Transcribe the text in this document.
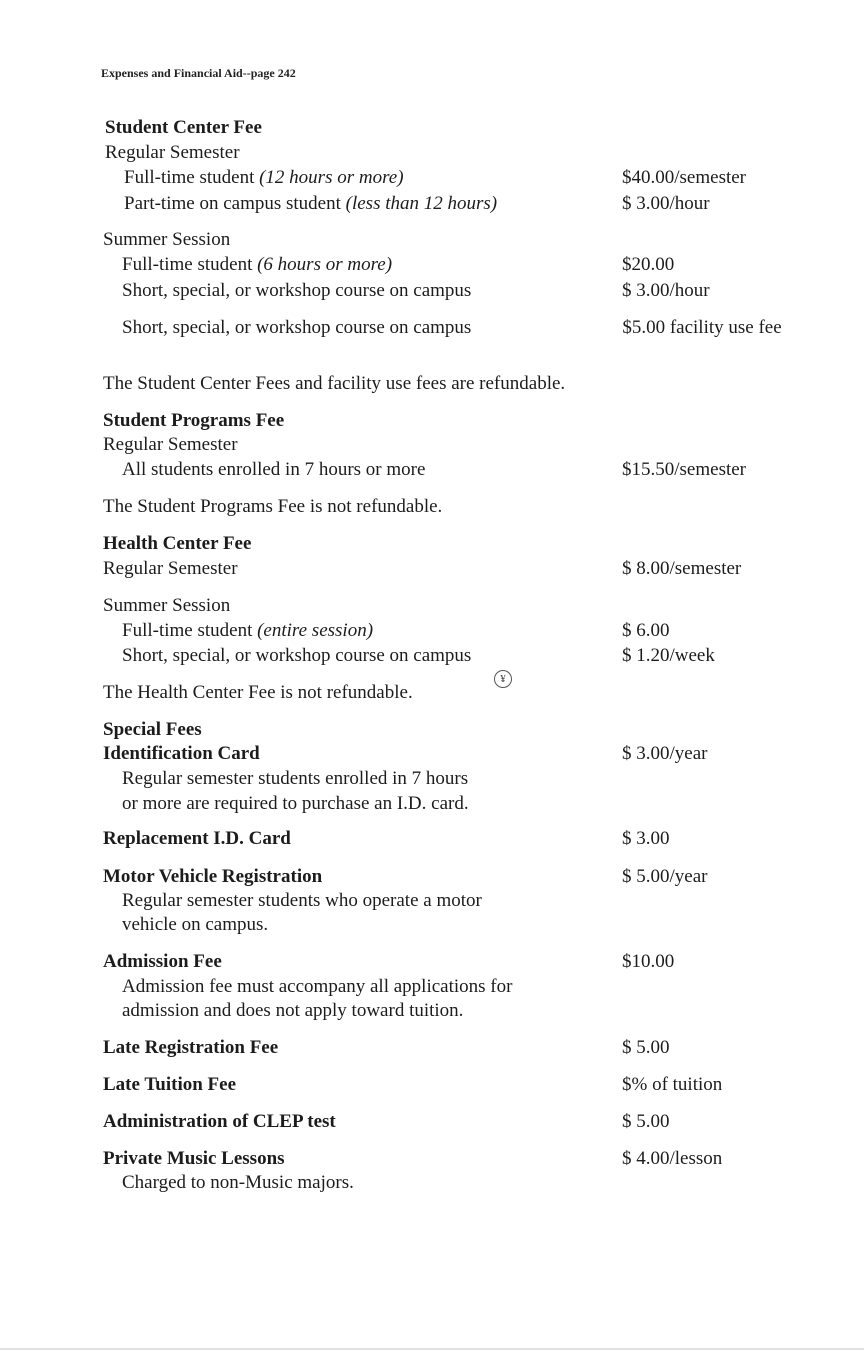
Expenses and Financial Aid--page 242
Student Center Fee
Regular Semester
Full-time student (12 hours or more)	$40.00/semester
Part-time on campus student (less than 12 hours)	$ 3.00/hour
Summer Session
Full-time student (6 hours or more)	$20.00
Short, special, or workshop course on campus	$ 3.00/hour
Short, special, or workshop course on campus	$5.00 facility use fee
The Student Center Fees and facility use fees are refundable.
Student Programs Fee
Regular Semester
All students enrolled in 7 hours or more	$15.50/semester
The Student Programs Fee is not refundable.
Health Center Fee
Regular Semester	$ 8.00/semester
Summer Session
Full-time student (entire session)	$ 6.00
Short, special, or workshop course on campus	$ 1.20/week
¥
The Health Center Fee is not refundable.
Special Fees
Identification Card	$ 3.00/year
Regular semester students enrolled in 7 hours
or more are required to purchase an I.D. card.
Replacement I.D. Card	$ 3.00
Motor Vehicle Registration	$ 5.00/year
Regular semester students who operate a motor
vehicle on campus.
Admission Fee	$10.00
Admission fee must accompany all applications for
admission and does not apply toward tuition.
Late Registration Fee	$ 5.00
Late Tuition Fee	$% of tuition
Administration of CLEP test	$ 5.00
Private Music Lessons	$ 4.00/lesson
Charged to non-Music majors.
